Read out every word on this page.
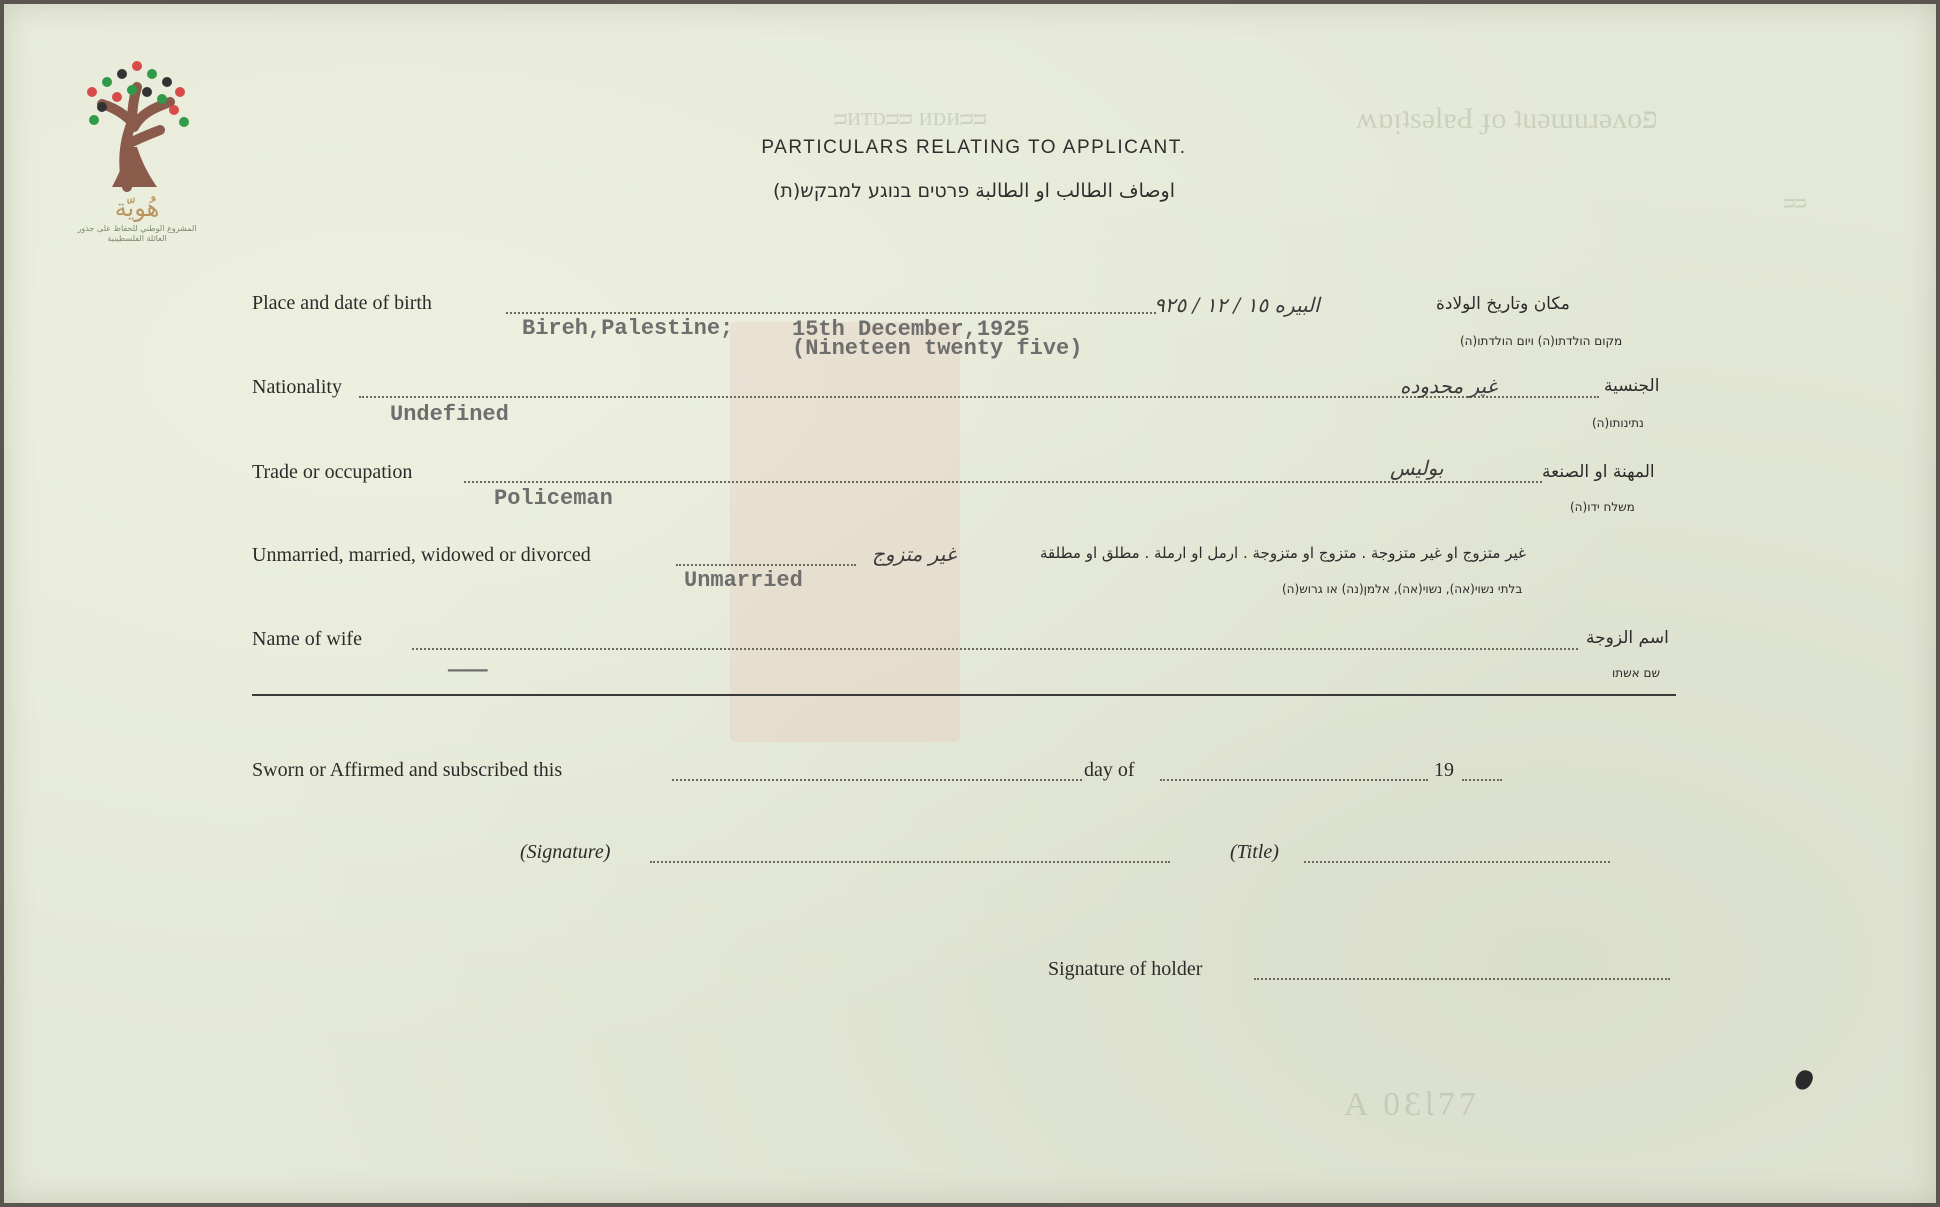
ʍɒᴉʇsǝlɐԀ ɟo ʇuǝɯuɹǝʌoפ
ᴝᴎᴛᴅᴝᴝ ᴎᴅᴎᴝᴝ
ᴝᴝ
A 0ƐƖ77
هُويّة
المشروع الوطني للحفاظ على جذور العائلة الفلسطينية
PARTICULARS RELATING TO APPLICANT.
اوصاف الطالب او الطالبة פרטים בנוגע למבקש(ת)
Place and date of birth
Bireh,Palestine;	15th December,1925
(Nineteen twenty five)
البيره ١٥ / ١٢ / ٩٢٥	مكان وتاريخ الولادة
מקום הולדתו(ה) ויום הולדתו(ה)
Nationality
Undefined
غير محدوده	الجنسية
נתינותו(ה)
Trade or occupation
Policeman
بوليس	المهنة او الصنعة
משלח ידו(ה)
Unmarried, married, widowed or divorced
Unmarried
غير متزوج	غير متزوج او غير متزوجة . متزوج او متزوجة . ارمل او ارملة . مطلق او مطلقة
בלתי נשוי(אה), נשוי(אה), אלמן(נה) או גרוש(ה)
Name of wife
———
اسم الزوجة
שם אשתו
Sworn or Affirmed and subscribed this	day of	19
(Signature)	(Title)
Signature of holder
